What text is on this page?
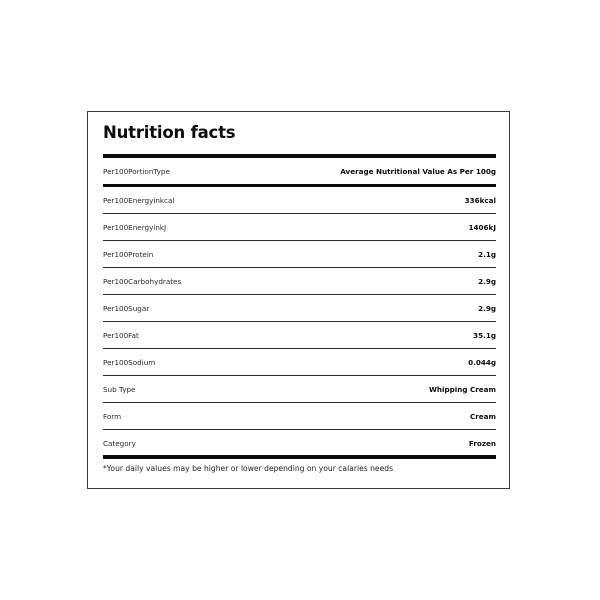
Nutrition facts
Per100PortionType	Average Nutritional Value As Per 100g
Per100Energyinkcal	336kcal
Per100EnergyinkJ	1406kJ
Per100Protein	2.1g
Per100Carbohydrates	2.9g
Per100Sugar	2.9g
Per100Fat	35.1g
Per100Sodium	0.044g
Sub Type	Whipping Cream
Form	Cream
Category	Frozen
*Your daily values may be higher or lower depending on your calaries needs
